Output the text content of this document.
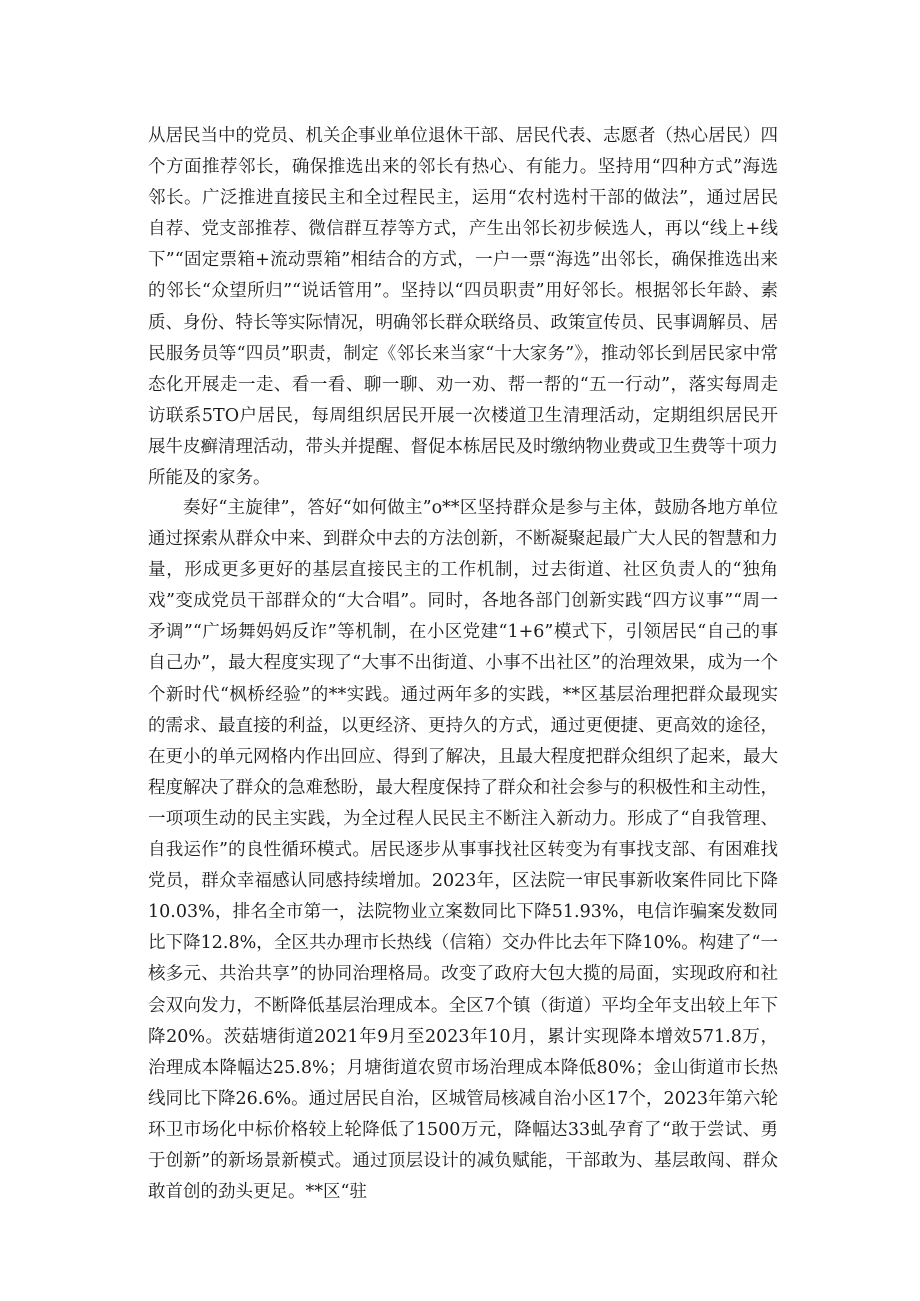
从居民当中的党员、机关企事业单位退休干部、居民代表、志愿者（热心居民）四个方面推荐邻长，确保推选出来的邻长有热心、有能力。坚持用“四种方式”海选邻长。广泛推进直接民主和全过程民主，运用“农村选村干部的做法”，通过居民自荐、党支部推荐、微信群互荐等方式，产生出邻长初步候选人，再以“线上+线下”“固定票箱+流动票箱”相结合的方式，一户一票“海选”出邻长，确保推选出来的邻长“众望所归”“说话管用”。坚持以“四员职责”用好邻长。根据邻长年龄、素质、身份、特长等实际情况，明确邻长群众联络员、政策宣传员、民事调解员、居民服务员等“四员”职责，制定《邻长来当家“十大家务”》，推动邻长到居民家中常态化开展走一走、看一看、聊一聊、劝一劝、帮一帮的“五一行动”，落实每周走访联系5TO户居民，每周组织居民开展一次楼道卫生清理活动，定期组织居民开展牛皮癣清理活动，带头并提醒、督促本栋居民及时缴纳物业费或卫生费等十项力所能及的家务。

奏好“主旋律”，答好“如何做主”o**区坚持群众是参与主体，鼓励各地方单位通过探索从群众中来、到群众中去的方法创新，不断凝聚起最广大人民的智慧和力量，形成更多更好的基层直接民主的工作机制，过去街道、社区负责人的“独角戏”变成党员干部群众的“大合唱”。同时，各地各部门创新实践“四方议事”“周一矛调”“广场舞妈妈反诈”等机制，在小区党建“1+6”模式下，引领居民“自己的事自己办”，最大程度实现了“大事不出街道、小事不出社区”的治理效果，成为一个个新时代“枫桥经验”的**实践。通过两年多的实践，**区基层治理把群众最现实的需求、最直接的利益，以更经济、更持久的方式，通过更便捷、更高效的途径，在更小的单元网格内作出回应、得到了解决，且最大程度把群众组织了起来，最大程度解决了群众的急难愁盼，最大程度保持了群众和社会参与的积极性和主动性，一项项生动的民主实践，为全过程人民民主不断注入新动力。形成了“自我管理、自我运作”的良性循环模式。居民逐步从事事找社区转变为有事找支部、有困难找党员，群众幸福感认同感持续增加。2023年，区法院一审民事新收案件同比下降10.03%，排名全市第一，法院物业立案数同比下降51.93%，电信诈骗案发数同比下降12.8%，全区共办理市长热线（信箱）交办件比去年下降10%。构建了“一核多元、共治共享”的协同治理格局。改变了政府大包大揽的局面，实现政府和社会双向发力，不断降低基层治理成本。全区7个镇（街道）平均全年支出较上年下降20%。茨菇塘街道2021年9月至2023年10月，累计实现降本增效571.8万，治理成本降幅达25.8%；月塘街道农贸市场治理成本降低80%；金山街道市长热线同比下降26.6%。通过居民自治，区城管局核减自治小区17个，2023年第六轮环卫市场化中标价格较上轮降低了1500万元，降幅达33虬孕育了“敢于尝试、勇于创新”的新场景新模式。通过顶层设计的减负赋能，干部敢为、基层敢闯、群众敢首创的劲头更足。**区“驻
